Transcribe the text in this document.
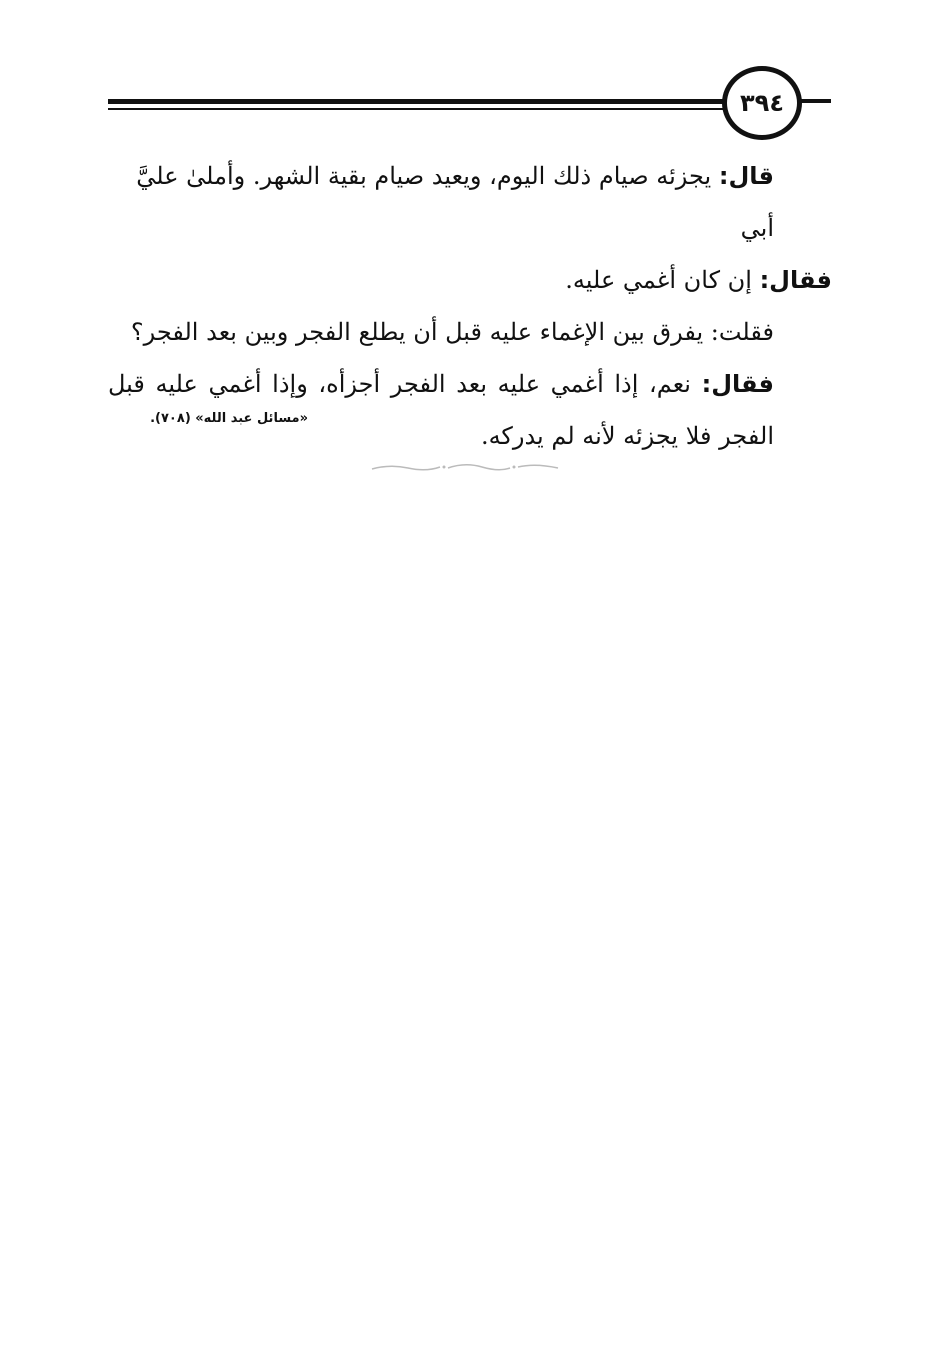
٣٩٤

قال: يجزئه صيام ذلك اليوم، ويعيد صيام بقية الشهر. وأملىٰ عليَّ أبي

فقال: إن كان أغمي عليه.

فقلت: يفرق بين الإغماء عليه قبل أن يطلع الفجر وبين بعد الفجر؟

فقال: نعم، إذا أغمي عليه بعد الفجر أجزأه، وإذا أغمي عليه قبل الفجر فلا يجزئه لأنه لم يدركه.

«مسائل عبد الله» (٧٠٨).
